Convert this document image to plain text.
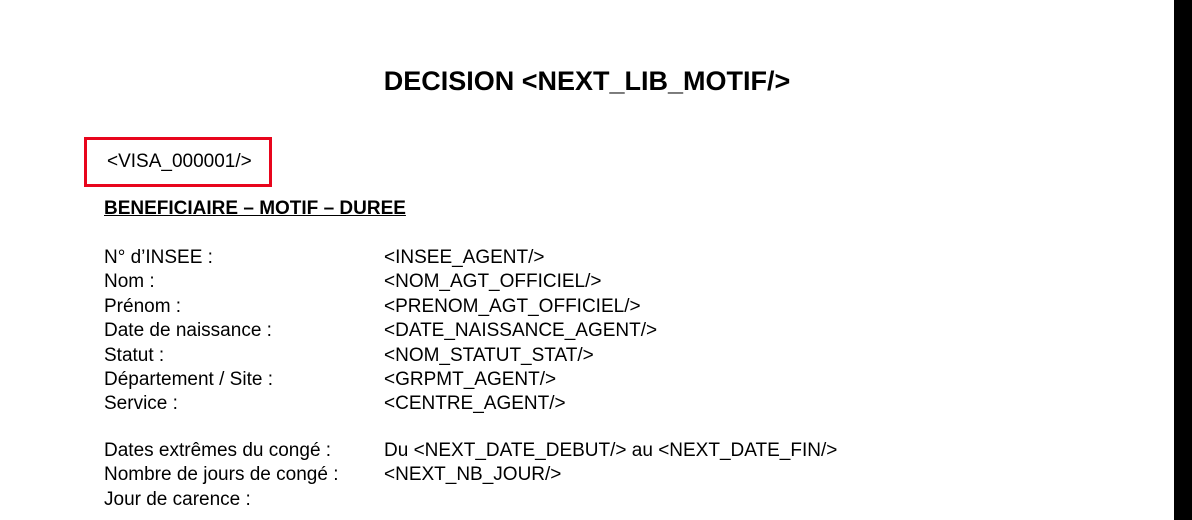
DECISION <NEXT_LIB_MOTIF/>
<VISA_000001/>
BENEFICIAIRE – MOTIF – DUREE
N° d’INSEE :	<INSEE_AGENT/>
Nom :	<NOM_AGT_OFFICIEL/>
Prénom :	<PRENOM_AGT_OFFICIEL/>
Date de naissance :	<DATE_NAISSANCE_AGENT/>
Statut :	<NOM_STATUT_STAT/>
Département / Site :	<GRPMT_AGENT/>
Service :	<CENTRE_AGENT/>
Dates extrêmes du congé :	Du <NEXT_DATE_DEBUT/> au <NEXT_DATE_FIN/>
Nombre de jours de congé :	<NEXT_NB_JOUR/>
Jour de carence :
